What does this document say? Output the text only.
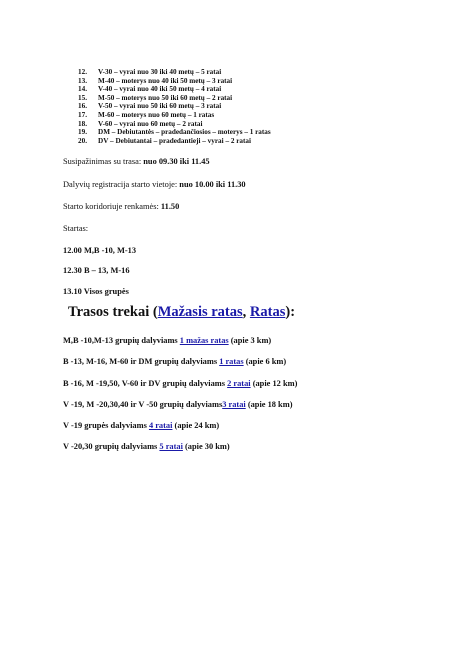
12.	V-30 – vyrai nuo 30 iki 40 metų – 5 ratai
13.	M-40 – moterys nuo 40 iki 50 metų – 3 ratai
14.	V-40 – vyrai nuo 40 iki 50 metų – 4 ratai
15.	M-50 – moterys nuo 50 iki 60 metų – 2 ratai
16.	V-50 – vyrai nuo 50 iki 60 metų – 3 ratai
17.	M-60 – moterys nuo 60 metų – 1 ratas
18.	V-60 – vyrai nuo 60 metų – 2 ratai
19.	DM – Debiutantės – pradedančiosios – moterys – 1 ratas
20.	DV – Debiutantai – pradedantieji – vyrai – 2 ratai
Susipažinimas su trasa: nuo 09.30 iki 11.45
Dalyvių registracija starto vietoje: nuo 10.00 iki 11.30
Starto koridoriuje renkamės: 11.50
Startas:
12.00 M,B -10, M-13
12.30 B – 13, M-16
13.10 Visos grupės
Trasos trekai (Mažasis ratas, Ratas):
M,B -10,M-13 grupių dalyviams 1 mažas ratas (apie 3 km)
B -13, M-16, M-60 ir DM grupių dalyviams 1 ratas (apie 6 km)
B -16, M -19,50, V-60 ir DV grupių dalyviams 2 ratai (apie 12 km)
V -19, M -20,30,40 ir V -50 grupių dalyviams3 ratai (apie 18 km)
V -19 grupės dalyviams 4 ratai (apie 24 km)
V -20,30 grupių dalyviams 5 ratai (apie 30 km)
